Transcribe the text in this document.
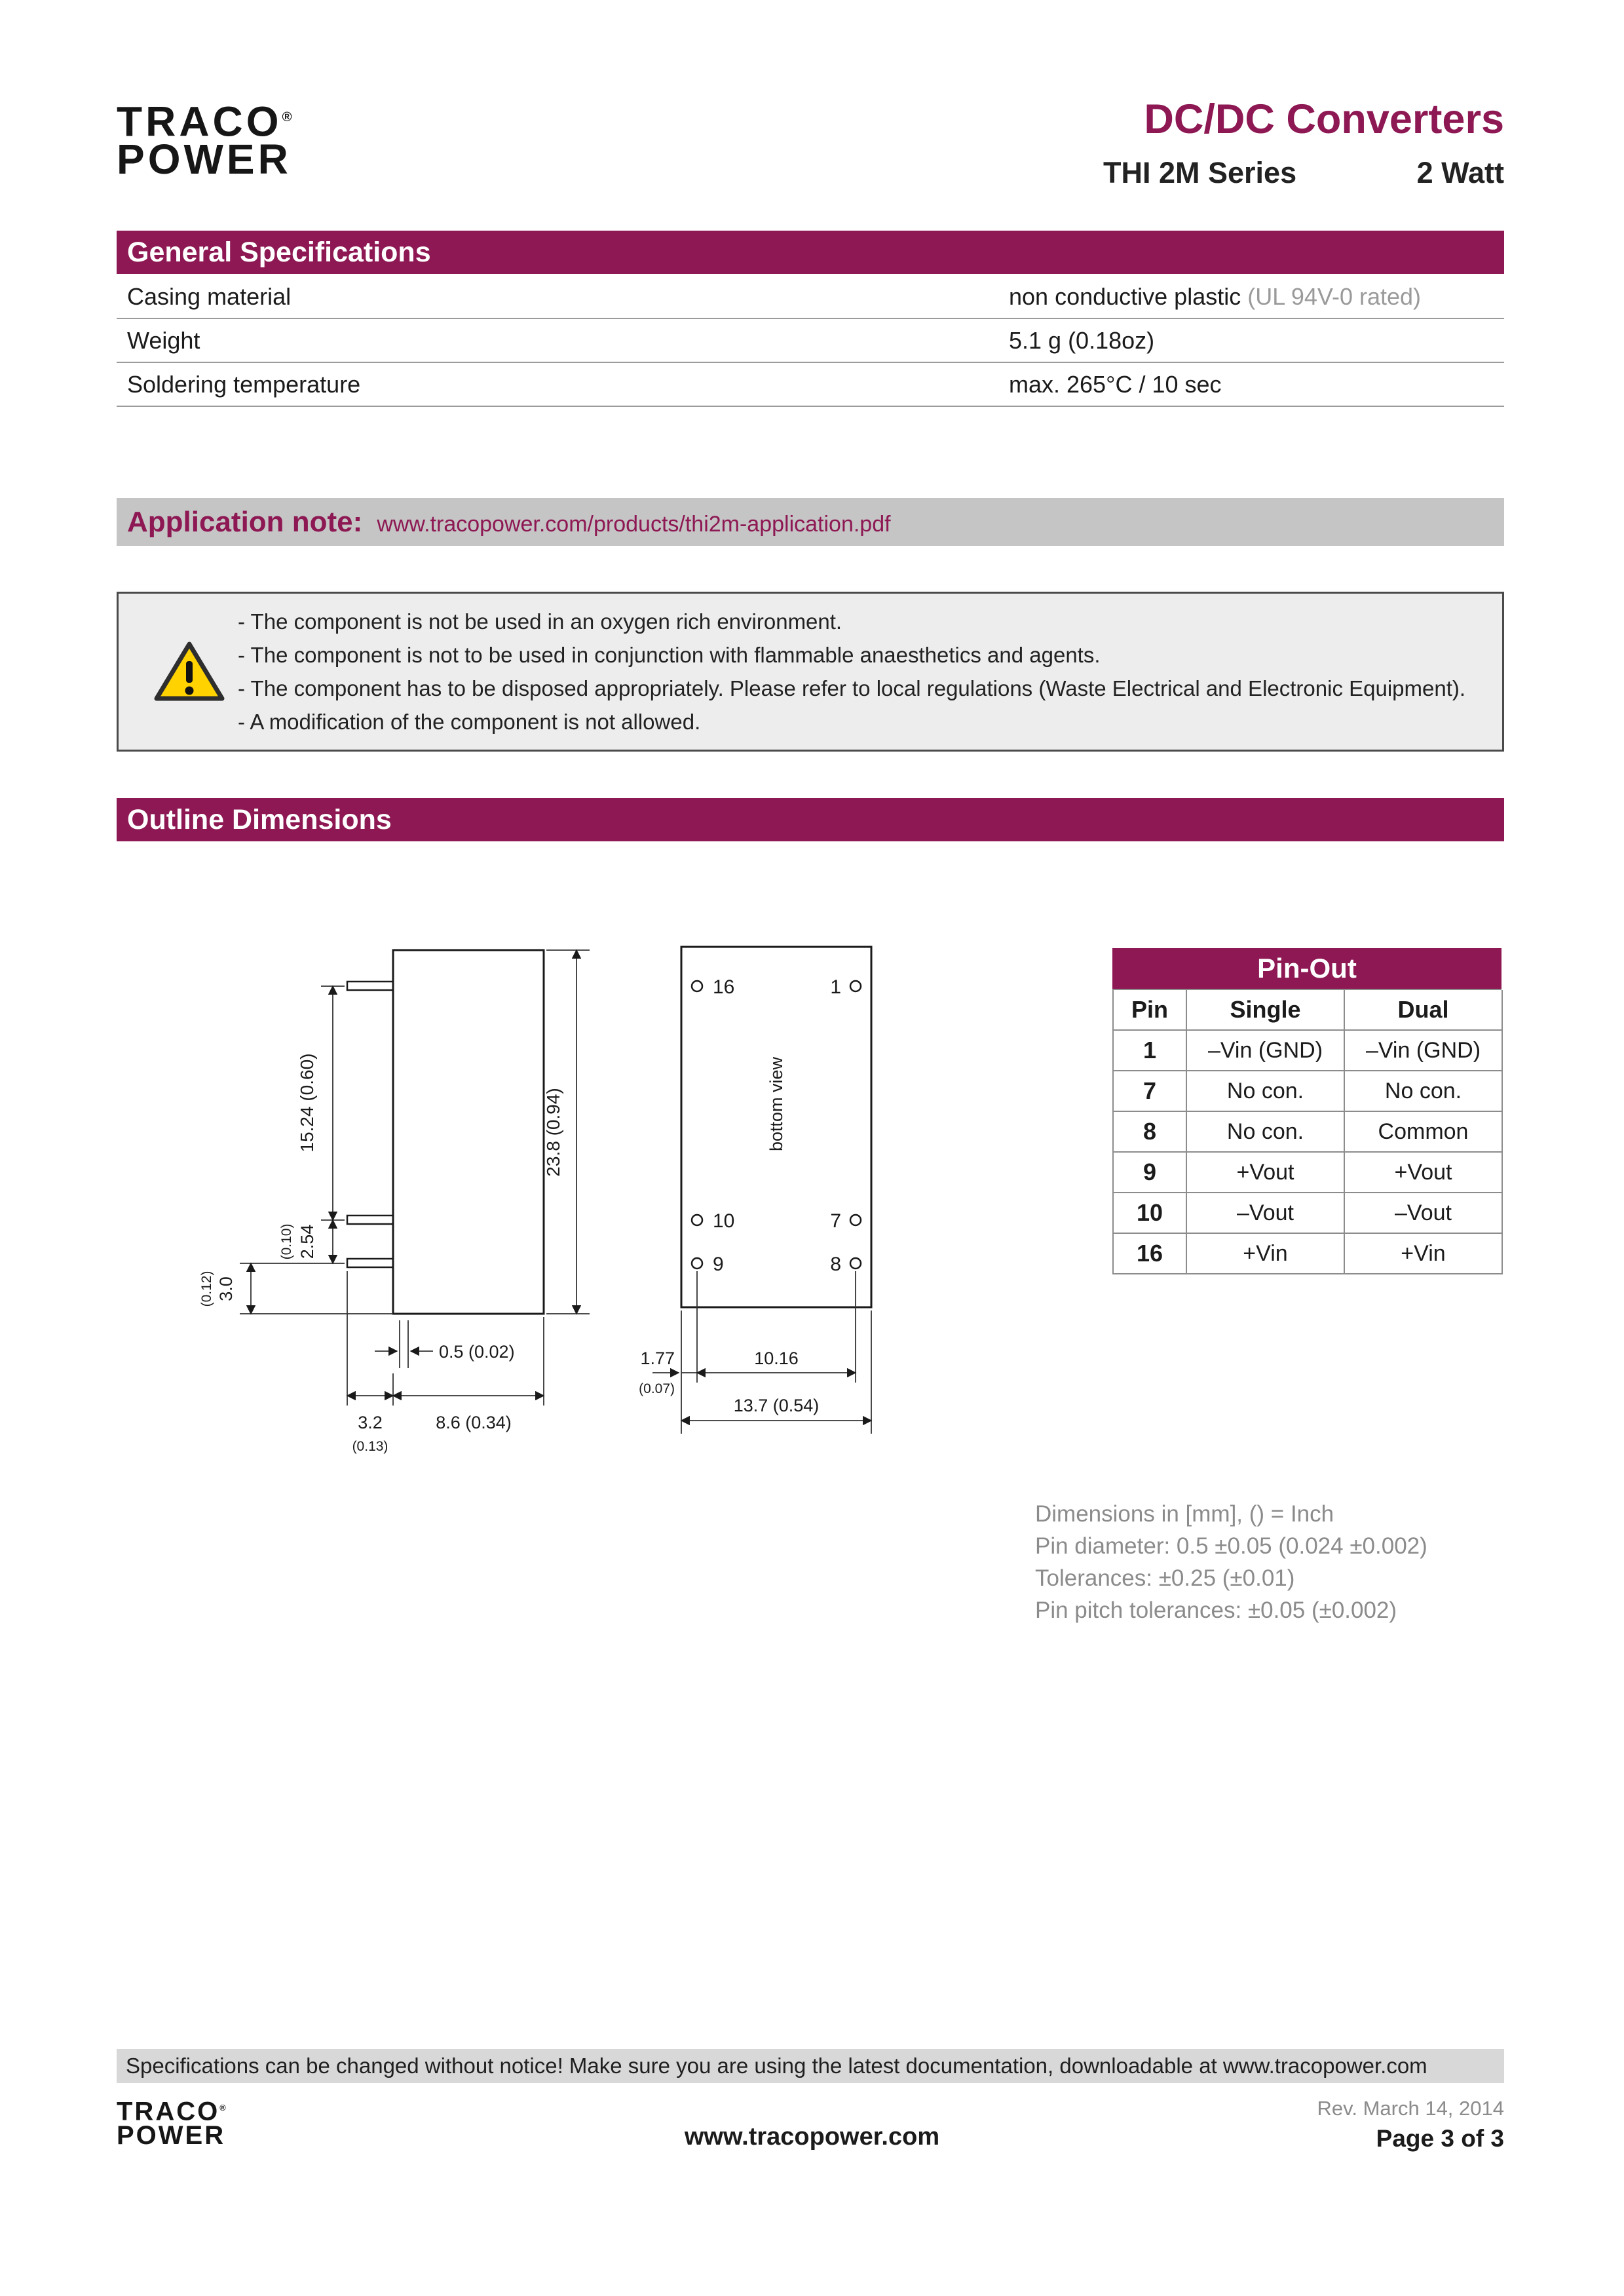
TRACO®
POWER
DC/DC Converters
THI 2M Series	2 Watt
General Specifications
Casing material	non conductive plastic (UL 94V-0 rated)
Weight	5.1 g (0.18oz)
Soldering temperature	max. 265°C / 10 sec
Application note: www.tracopower.com/products/thi2m-application.pdf
- The component is not be used in an oxygen rich environment.
- The component is not to be used in conjunction with flammable anaesthetics and agents.
- The component has to be disposed appropriately. Please refer to local regulations (Waste Electrical and Electronic Equipment).
- A modification of the component is not allowed.
Outline Dimensions
15.24 (0.60)
2.54
(0.10)
3.0
(0.12)
23.8 (0.94)
0.5 (0.02)
3.2
(0.13)
8.6 (0.34)
bottom view
16	1
10	7
9	8
1.77
(0.07)
10.16
13.7 (0.54)
Pin-Out
Pin	Single	Dual
1	–Vin (GND)	–Vin (GND)
7	No con.	No con.
8	No con.	Common
9	+Vout	+Vout
10	–Vout	–Vout
16	+Vin	+Vin
Dimensions in [mm], () = Inch
Pin diameter: 0.5 ±0.05 (0.024 ±0.002)
Tolerances: ±0.25 (±0.01)
Pin pitch tolerances: ±0.05 (±0.002)
Specifications can be changed without notice! Make sure you are using the latest documentation, downloadable at www.tracopower.com
TRACO®
POWER	www.tracopower.com
Rev. March 14, 2014
Page 3 of 3
